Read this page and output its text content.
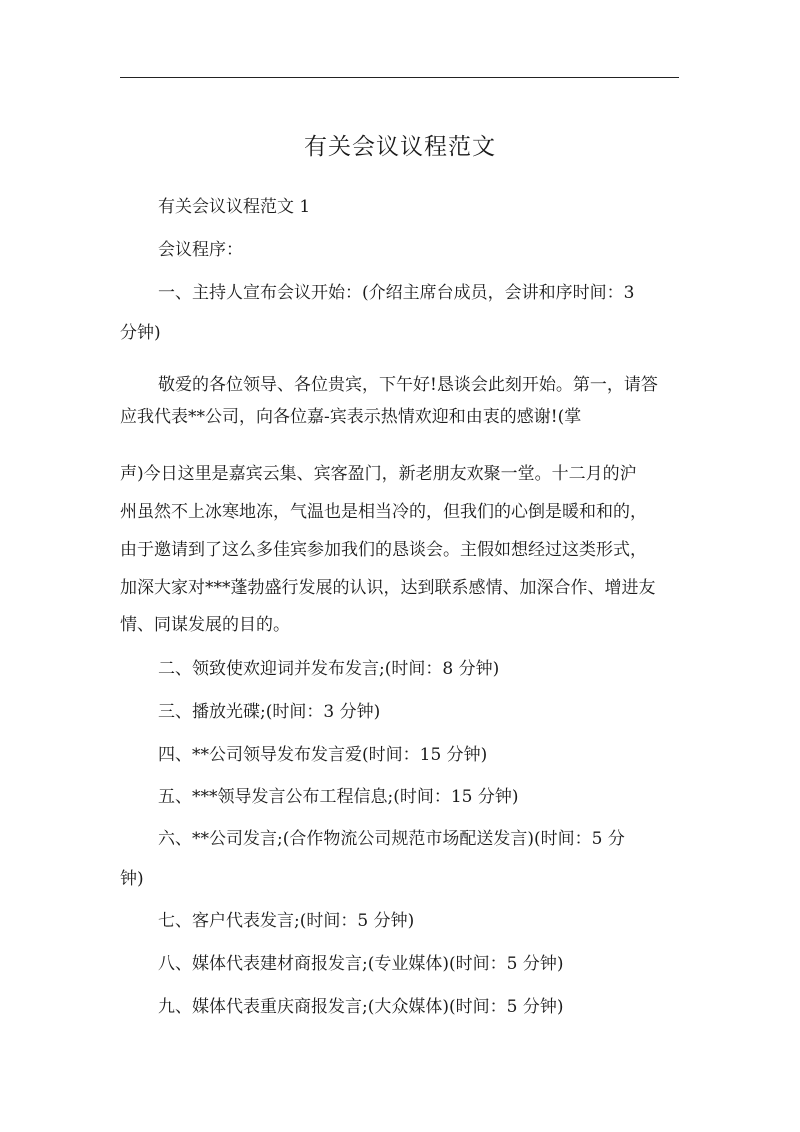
有关会议议程范文
有关会议议程范文 1
会议程序：
一、主持人宣布会议开始：(介绍主席台成员，会讲和序时间：3
分钟)
敬爱的各位领导、各位贵宾，下午好!恳谈会此刻开始。第一，请答
应我代表**公司，向各位嘉-宾表示热情欢迎和由衷的感谢!(掌
声)今日这里是嘉宾云集、宾客盈门，新老朋友欢聚一堂。十二月的沪
州虽然不上冰寒地冻，气温也是相当冷的，但我们的心倒是暖和和的，
由于邀请到了这么多佳宾参加我们的恳谈会。主假如想经过这类形式，
加深大家对***蓬勃盛行发展的认识，达到联系感情、加深合作、增进友
情、同谋发展的目的。
二、领致使欢迎词并发布发言;(时间：8 分钟)
三、播放光碟;(时间：3 分钟)
四、**公司领导发布发言爱(时间：15 分钟)
五、***领导发言公布工程信息;(时间：15 分钟)
六、**公司发言;(合作物流公司规范市场配送发言)(时间：5 分
钟)
七、客户代表发言;(时间：5 分钟)
八、媒体代表建材商报发言;(专业媒体)(时间：5 分钟)
九、媒体代表重庆商报发言;(大众媒体)(时间：5 分钟)
